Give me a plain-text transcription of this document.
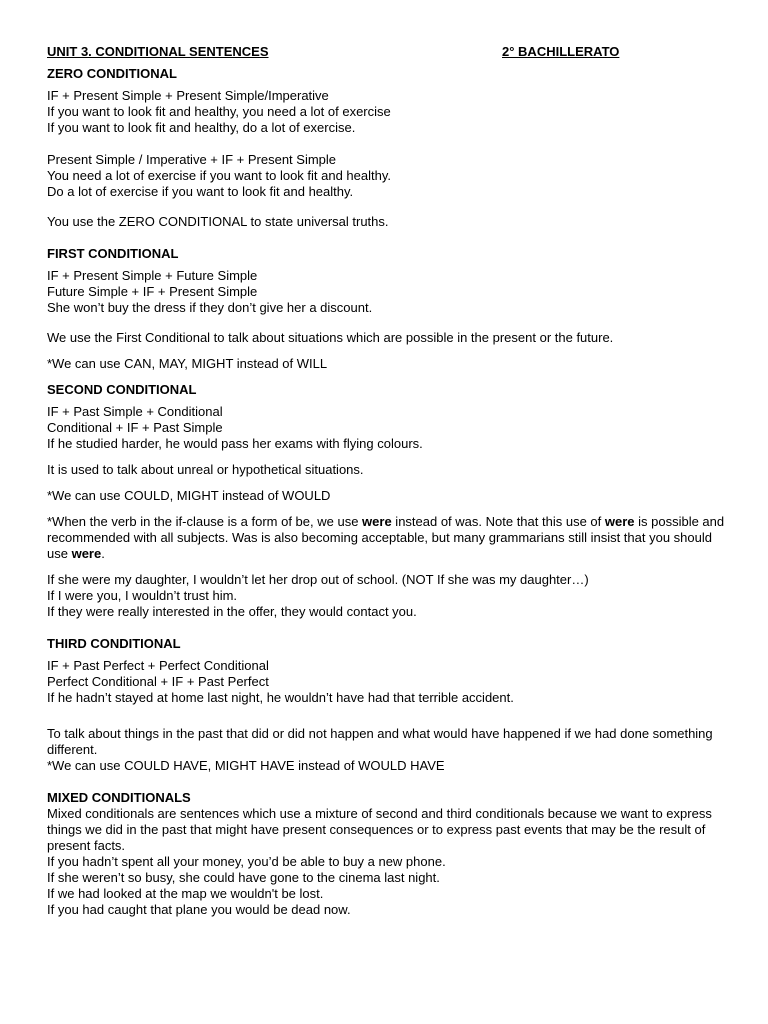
UNIT 3. CONDITIONAL SENTENCES	2° BACHILLERATO

ZERO CONDITIONAL

IF + Present Simple + Present Simple/Imperative

If you want to look fit and healthy, you need a lot of exercise

If you want to look fit and healthy, do a lot of exercise.

Present Simple / Imperative + IF + Present Simple

You need a lot of exercise if you want to look fit and healthy.

Do a lot of exercise if you want to look fit and healthy.

You use the ZERO CONDITIONAL to state universal truths.

FIRST CONDITIONAL

IF + Present Simple + Future Simple

Future Simple + IF + Present Simple

She won’t buy the dress if they don’t give her a discount.

We use the First Conditional to talk about situations which are possible in the present or the future.

*We can use CAN, MAY, MIGHT instead of WILL

SECOND CONDITIONAL

IF + Past Simple + Conditional

Conditional + IF + Past Simple

If he studied harder, he would pass her exams with flying colours.

It is used to talk about unreal or hypothetical situations.

*We can use COULD, MIGHT instead of WOULD

*When the verb in the if-clause is a form of be, we use were instead of was. Note that this use of were is possible and recommended with all subjects. Was is also becoming acceptable, but many grammarians still insist that you should use were.

If she were my daughter, I wouldn’t let her drop out of school. (NOT If she was my daughter…)

If I were you, I wouldn’t trust him.

If they were really interested in the offer, they would contact you.

THIRD CONDITIONAL

IF + Past Perfect + Perfect Conditional

Perfect Conditional + IF + Past Perfect

If he hadn’t stayed at home last night, he wouldn’t have had that terrible accident.

To talk about things in the past that did or did not happen and what would have happened if we had done something different.

*We can use COULD HAVE, MIGHT HAVE instead of WOULD HAVE

MIXED CONDITIONALS

Mixed conditionals are sentences which use a mixture of second and third conditionals because we want to express things we did in the past that might have present consequences or to express past events that may be the result of present facts.

If you hadn’t spent all your money, you’d be able to buy a new phone.

If she weren’t so busy, she could have gone to the cinema last night.

If we had looked at the map we wouldn't be lost.

If you had caught that plane you would be dead now.
